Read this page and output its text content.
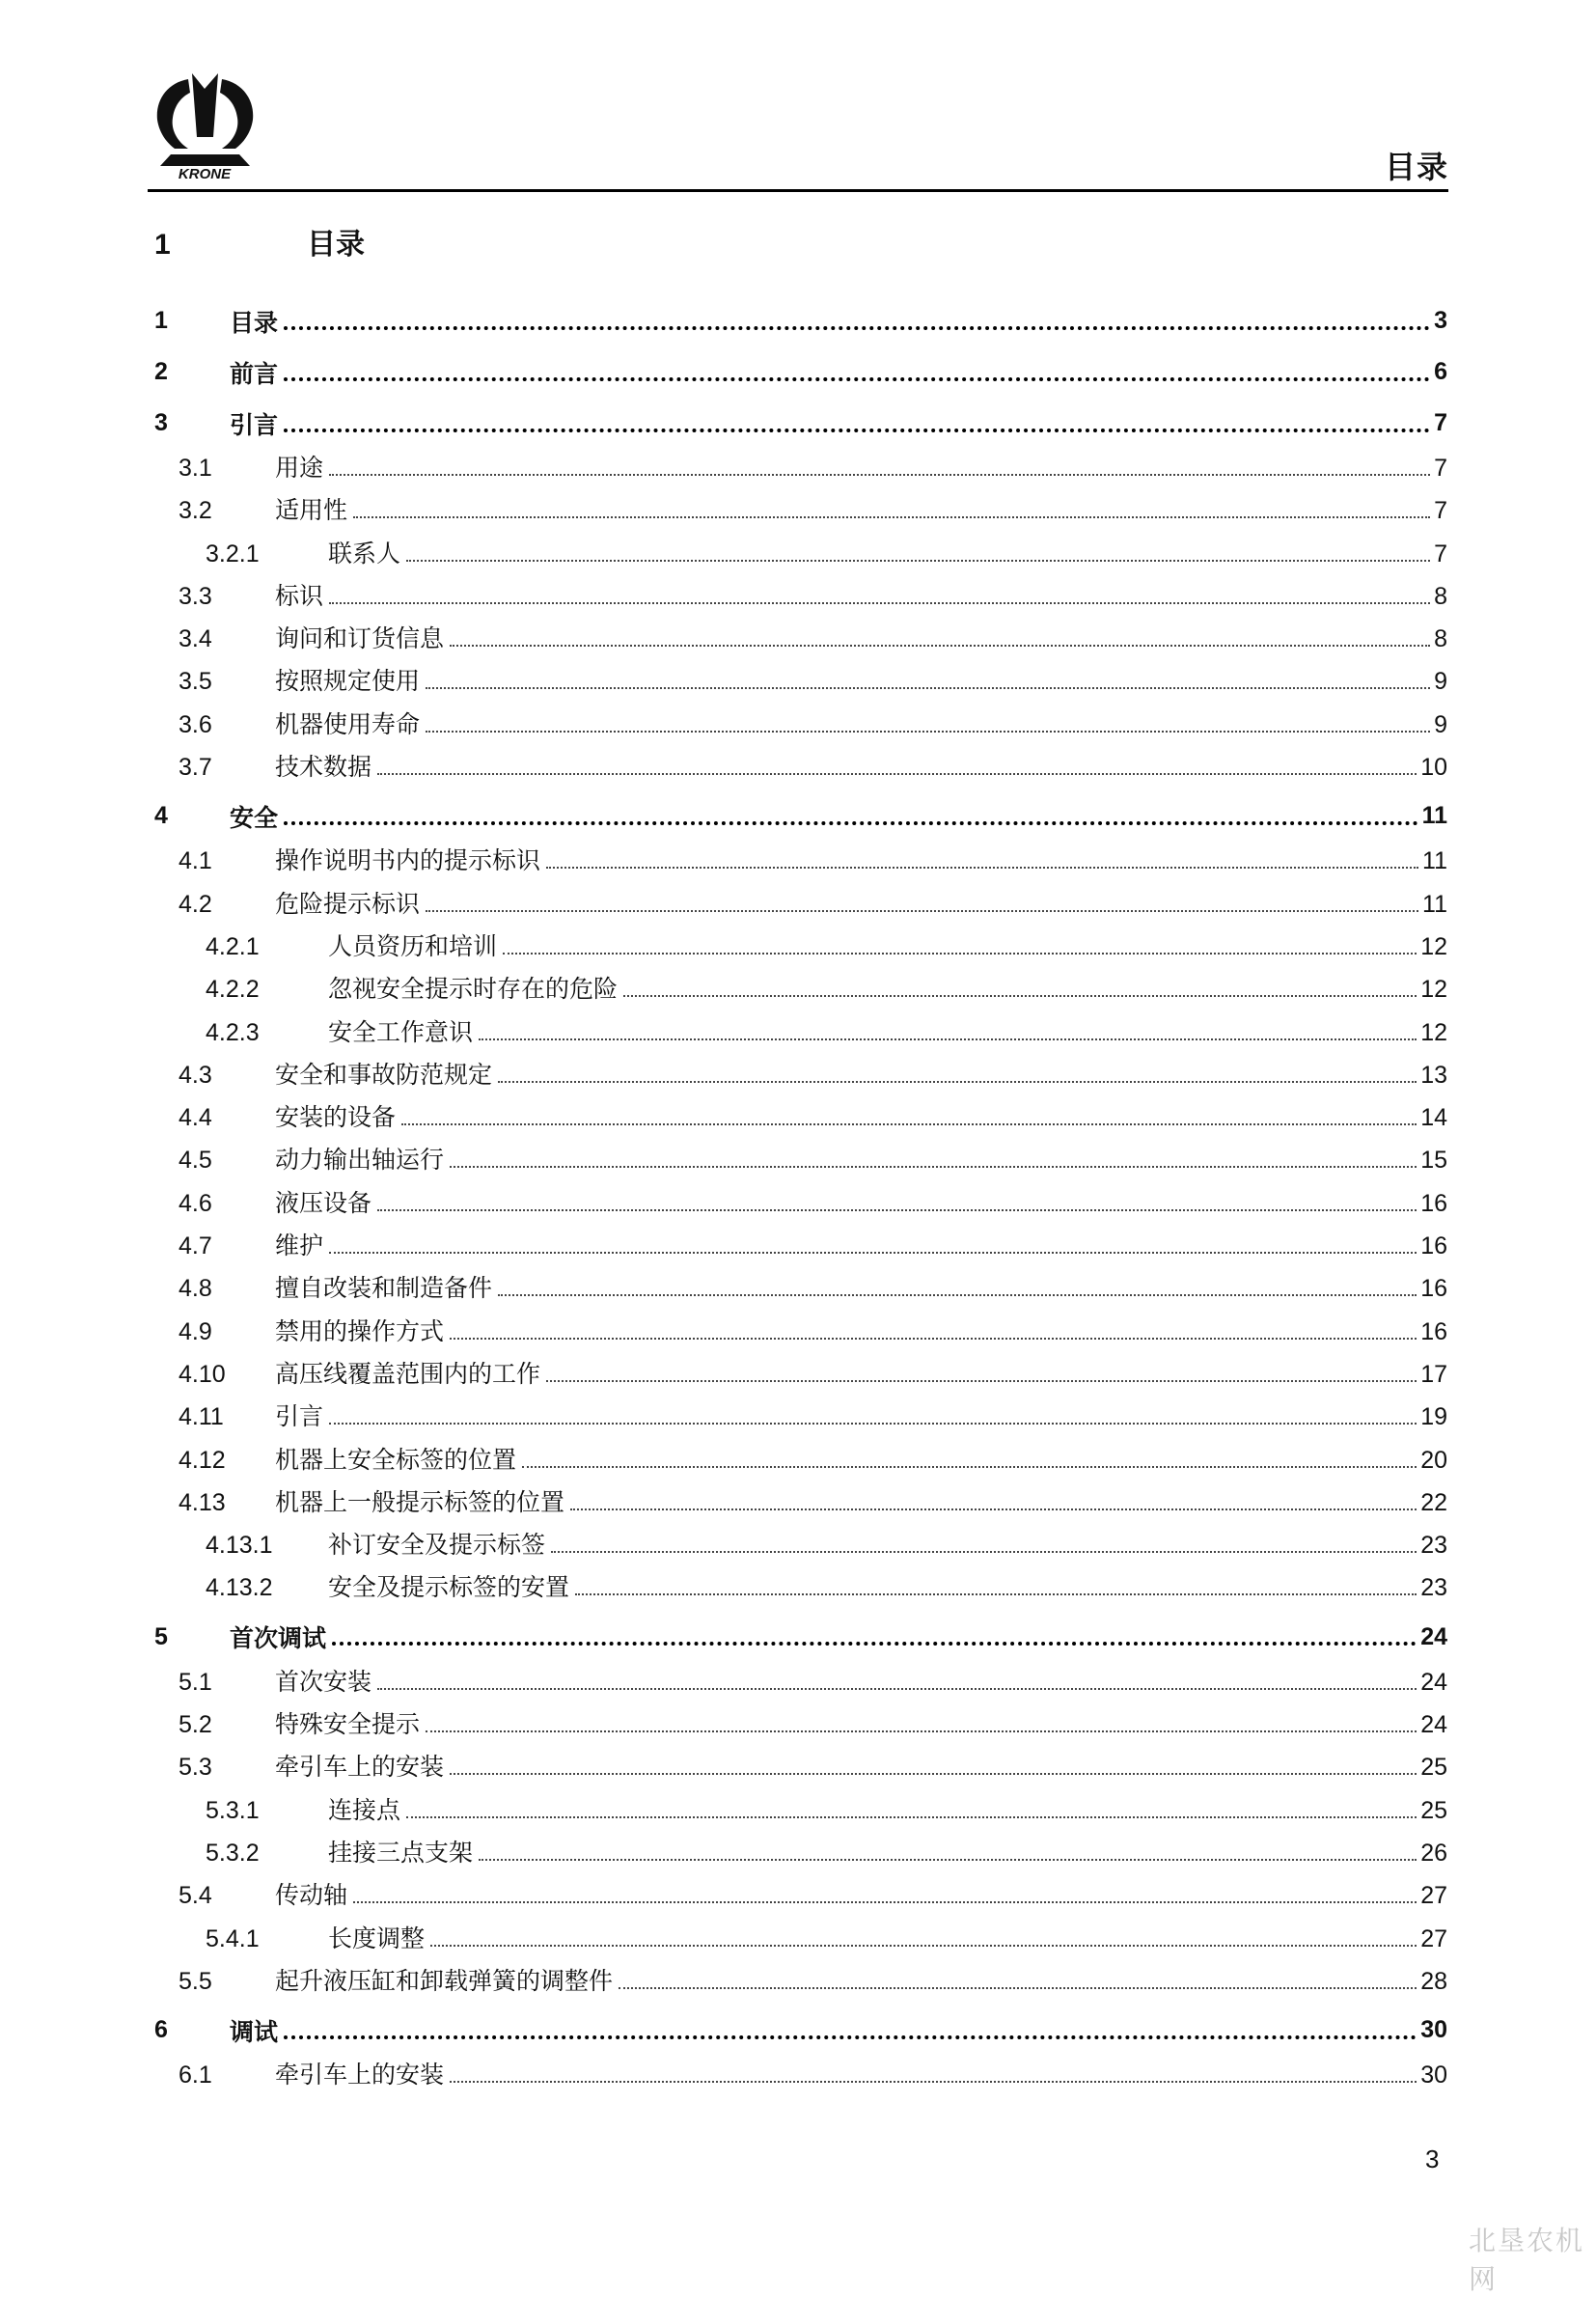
KRONE	目录
1	目录
1	目录	3
2	前言	6
3	引言	7
3.1	用途	7
3.2	适用性	7
3.2.1	联系人	7
3.3	标识	8
3.4	询问和订货信息	8
3.5	按照规定使用	9
3.6	机器使用寿命	9
3.7	技术数据	10
4	安全	11
4.1	操作说明书内的提示标识	11
4.2	危险提示标识	11
4.2.1	人员资历和培训	12
4.2.2	忽视安全提示时存在的危险	12
4.2.3	安全工作意识	12
4.3	安全和事故防范规定	13
4.4	安装的设备	14
4.5	动力输出轴运行	15
4.6	液压设备	16
4.7	维护	16
4.8	擅自改装和制造备件	16
4.9	禁用的操作方式	16
4.10	高压线覆盖范围内的工作	17
4.11	引言	19
4.12	机器上安全标签的位置	20
4.13	机器上一般提示标签的位置	22
4.13.1	补订安全及提示标签	23
4.13.2	安全及提示标签的安置	23
5	首次调试	24
5.1	首次安装	24
5.2	特殊安全提示	24
5.3	牵引车上的安装	25
5.3.1	连接点	25
5.3.2	挂接三点支架	26
5.4	传动轴	27
5.4.1	长度调整	27
5.5	起升液压缸和卸载弹簧的调整件	28
6	调试	30
6.1	牵引车上的安装	30
3
北垦农机网
